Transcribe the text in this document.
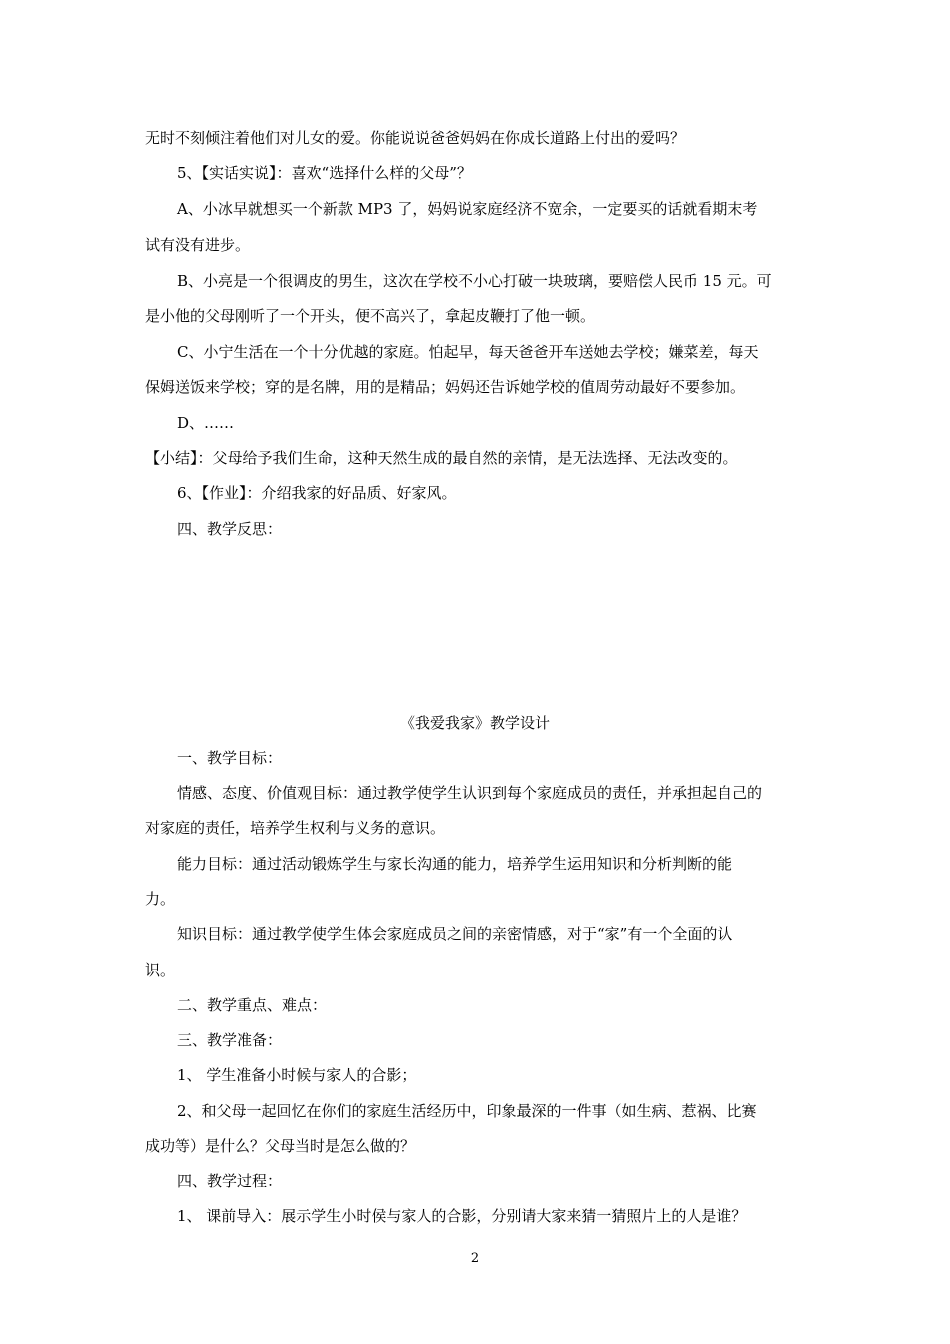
无时不刻倾注着他们对儿女的爱。你能说说爸爸妈妈在你成长道路上付出的爱吗？
5、【实话实说】：喜欢“选择什么样的父母”？
A、小冰早就想买一个新款 MP3 了，妈妈说家庭经济不宽余，一定要买的话就看期末考
试有没有进步。
B、小亮是一个很调皮的男生，这次在学校不小心打破一块玻璃，要赔偿人民币 15 元。可
是小他的父母刚听了一个开头，便不高兴了，拿起皮鞭打了他一顿。
C、小宁生活在一个十分优越的家庭。怕起早，每天爸爸开车送她去学校；嫌菜差，每天
保姆送饭来学校；穿的是名牌，用的是精品；妈妈还告诉她学校的值周劳动最好不要参加。
D、……
【小结】：父母给予我们生命，这种天然生成的最自然的亲情，是无法选择、无法改变的。
6、【作业】：介绍我家的好品质、好家风。
四、教学反思：
《我爱我家》教学设计
一、教学目标：
情感、态度、价值观目标：通过教学使学生认识到每个家庭成员的责任，并承担起自己的
对家庭的责任，培养学生权利与义务的意识。
能力目标：通过活动锻炼学生与家长沟通的能力，培养学生运用知识和分析判断的能
力。
知识目标：通过教学使学生体会家庭成员之间的亲密情感，对于“家”有一个全面的认
识。
二、教学重点、难点：
三、教学准备：
1、 学生准备小时候与家人的合影；
2、和父母一起回忆在你们的家庭生活经历中，印象最深的一件事（如生病、惹祸、比赛
成功等）是什么？父母当时是怎么做的？
四、教学过程：
1、 课前导入：展示学生小时侯与家人的合影，分别请大家来猜一猜照片上的人是谁？
2
